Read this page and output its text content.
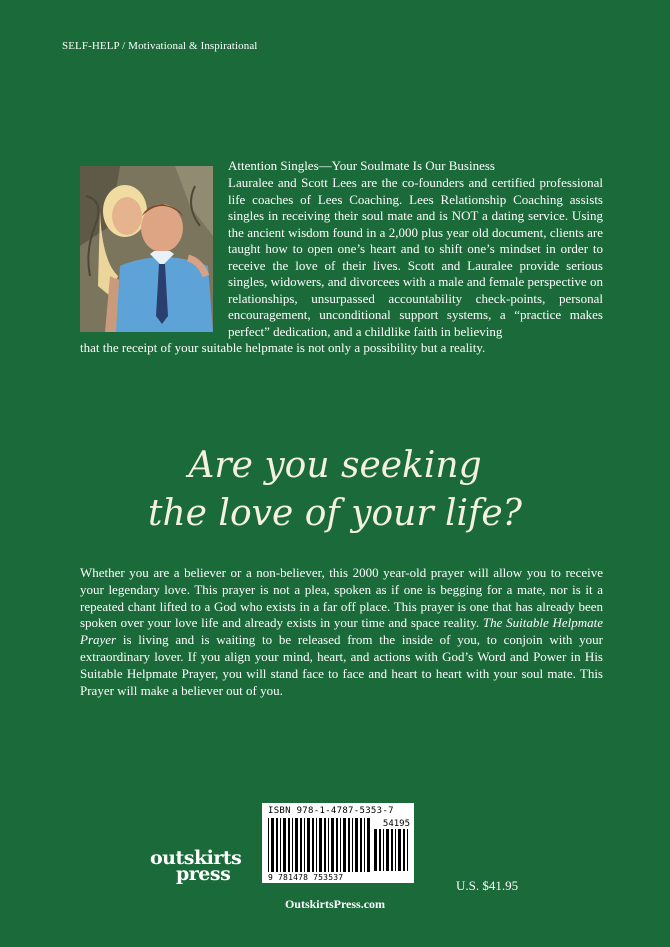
SELF-HELP / Motivational & Inspirational
Attention Singles—Your Soulmate Is Our Business
Lauralee and Scott Lees are the co-founders and certified professional life coaches of Lees Coaching. Lees Relationship Coaching assists singles in receiving their soul mate and is NOT a dating service. Using the ancient wisdom found in a 2,000 plus year old document, clients are taught how to open one’s heart and to shift one’s mindset in order to receive the love of their lives. Scott and Lauralee provide serious singles, widowers, and divorcees with a male and female perspective on relationships, unsurpassed accountability check-points, personal encouragement, unconditional support systems, a “practice makes perfect” dedication, and a childlike faith in believing
that the receipt of your suitable helpmate is not only a possibility but a reality.
Are you seeking
the love of your life?
Whether you are a believer or a non-believer, this 2000 year-old prayer will allow you to receive your legendary love. This prayer is not a plea, spoken as if one is begging for a mate, nor is it a repeated chant lifted to a God who exists in a far off place. This prayer is one that has already been spoken over your love life and already exists in your time and space reality. The Suitable Helpmate Prayer is living and is waiting to be released from the inside of you, to conjoin with your extraordinary lover. If you align your mind, heart, and actions with God’s Word and Power in His Suitable Helpmate Prayer, you will stand face to face and heart to heart with your soul mate. This Prayer will make a believer out of you.
ISBN 978-1-4787-5353-7
54195
9 781478 753537
outskirts
press
U.S. $41.95
OutskirtsPress.com
